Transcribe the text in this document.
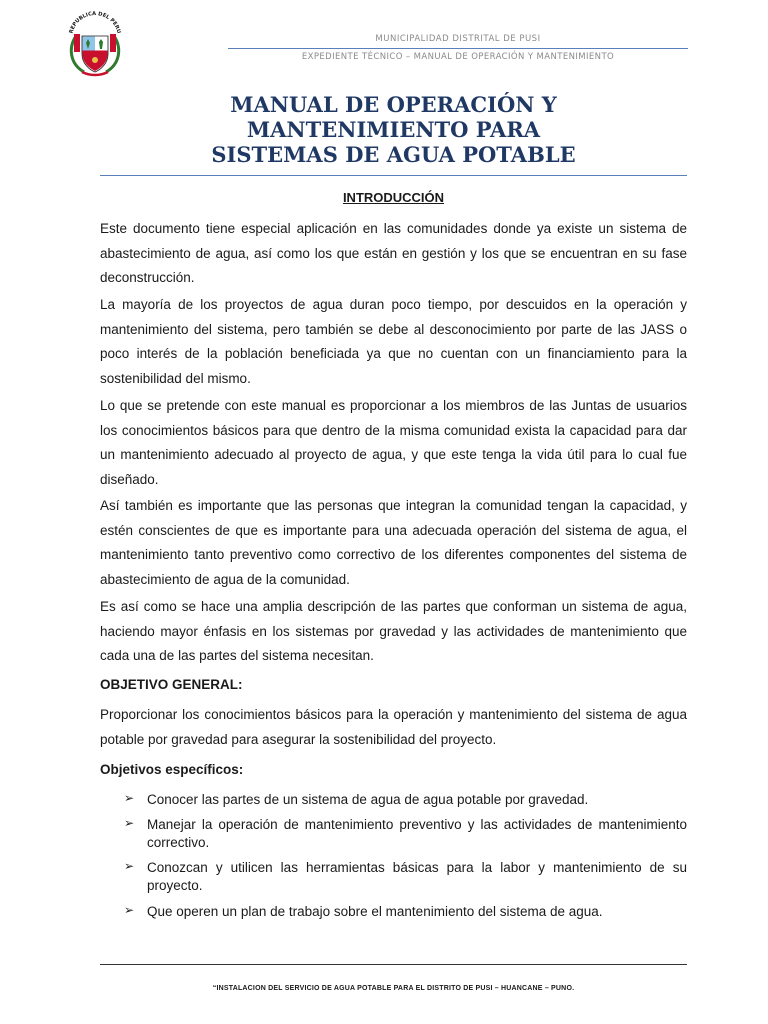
REPUBLICA DEL PERU
MUNICIPALIDAD DISTRITAL DE PUSI
EXPEDIENTE TÉCNICO – MANUAL DE OPERACIÓN Y MANTENIMIENTO
MANUAL DE OPERACIÓN Y
MANTENIMIENTO PARA
SISTEMAS DE AGUA POTABLE
INTRODUCCIÓN
Este documento tiene especial aplicación en las comunidades donde ya existe un sistema de abastecimiento de agua, así como los que están en gestión y los que se encuentran en su fase deconstrucción.
La mayoría de los proyectos de agua duran poco tiempo, por descuidos en la operación y mantenimiento del sistema, pero también se debe al desconocimiento por parte de las JASS o poco interés de la población beneficiada ya que no cuentan con un financiamiento para la sostenibilidad del mismo.
Lo que se pretende con este manual es proporcionar a los miembros de las Juntas de usuarios los conocimientos básicos para que dentro de la misma comunidad exista la capacidad para dar un mantenimiento adecuado al proyecto de agua, y que este tenga la vida útil para lo cual fue diseñado.
Así también es importante que las personas que integran la comunidad tengan la capacidad, y estén conscientes de que es importante para una adecuada operación del sistema de agua, el mantenimiento tanto preventivo como correctivo de los diferentes componentes del sistema de abastecimiento de agua de la comunidad.
Es así como se hace una amplia descripción de las partes que conforman un sistema de agua, haciendo mayor énfasis en los sistemas por gravedad y las actividades de mantenimiento que cada una de las partes del sistema necesitan.
OBJETIVO GENERAL:
Proporcionar los conocimientos básicos para la operación y mantenimiento del sistema de agua potable por gravedad para asegurar la sostenibilidad del proyecto.
Objetivos específicos:
➢ Conocer las partes de un sistema de agua de agua potable por gravedad.
➢ Manejar la operación de mantenimiento preventivo y las actividades de mantenimiento correctivo.
➢ Conozcan y utilicen las herramientas básicas para la labor y mantenimiento de su proyecto.
➢ Que operen un plan de trabajo sobre el mantenimiento del sistema de agua.
“INSTALACION DEL SERVICIO DE AGUA POTABLE PARA EL DISTRITO DE PUSI – HUANCANE – PUNO.
